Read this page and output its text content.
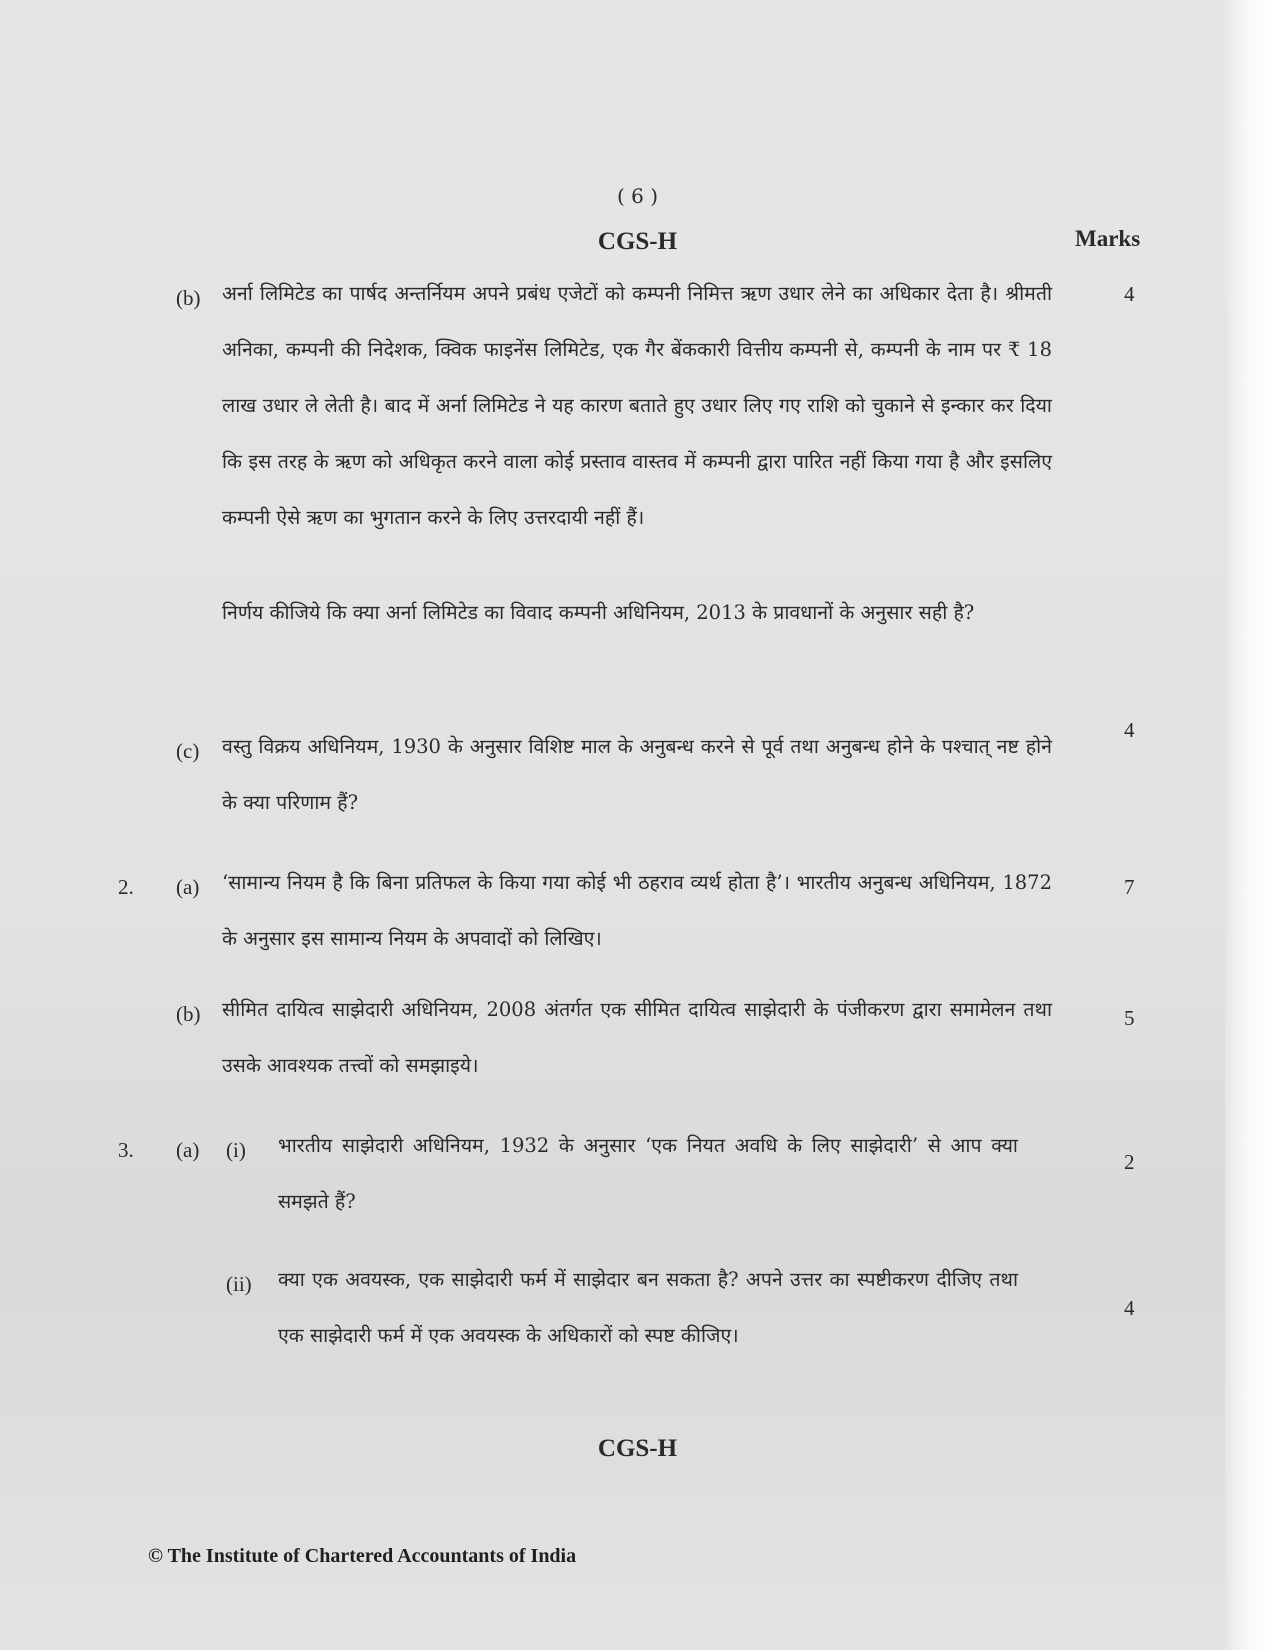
( 6 )
CGS-H	Marks
(b) अर्ना लिमिटेड का पार्षद अन्तर्नियम अपने प्रबंध एजेटों को कम्पनी निमित्त ऋण उधार लेने का अधिकार देता है। श्रीमती अनिका, कम्पनी की निदेशक, क्विक फाइनेंस लिमिटेड, एक गैर बेंककारी वित्तीय कम्पनी से, कम्पनी के नाम पर ₹ 18 लाख उधार ले लेती है। बाद में अर्ना लिमिटेड ने यह कारण बताते हुए उधार लिए गए राशि को चुकाने से इन्कार कर दिया कि इस तरह के ऋण को अधिकृत करने वाला कोई प्रस्ताव वास्तव में कम्पनी द्वारा पारित नहीं किया गया है और इसलिए कम्पनी ऐसे ऋण का भुगतान करने के लिए उत्तरदायी नहीं हैं।
निर्णय कीजिये कि क्या अर्ना लिमिटेड का विवाद कम्पनी अधिनियम, 2013 के प्रावधानों के अनुसार सही है?
4
(c) वस्तु विक्रय अधिनियम, 1930 के अनुसार विशिष्ट माल के अनुबन्ध करने से पूर्व तथा अनुबन्ध होने के पश्चात् नष्ट होने के क्या परिणाम हैं?
4
2. (a) ‘सामान्य नियम है कि बिना प्रतिफल के किया गया कोई भी ठहराव व्यर्थ होता है’। भारतीय अनुबन्ध अधिनियम, 1872 के अनुसार इस सामान्य नियम के अपवादों को लिखिए।
7
(b) सीमित दायित्व साझेदारी अधिनियम, 2008 अंतर्गत एक सीमित दायित्व साझेदारी के पंजीकरण द्वारा समामेलन तथा उसके आवश्यक तत्त्वों को समझाइये।
5
3. (a) (i) भारतीय साझेदारी अधिनियम, 1932 के अनुसार ‘एक नियत अवधि के लिए साझेदारी’ से आप क्या समझते हैं?
2
(ii) क्या एक अवयस्क, एक साझेदारी फर्म में साझेदार बन सकता है? अपने उत्तर का स्पष्टीकरण दीजिए तथा एक साझेदारी फर्म में एक अवयस्क के अधिकारों को स्पष्ट कीजिए।
4
CGS-H
© The Institute of Chartered Accountants of India
